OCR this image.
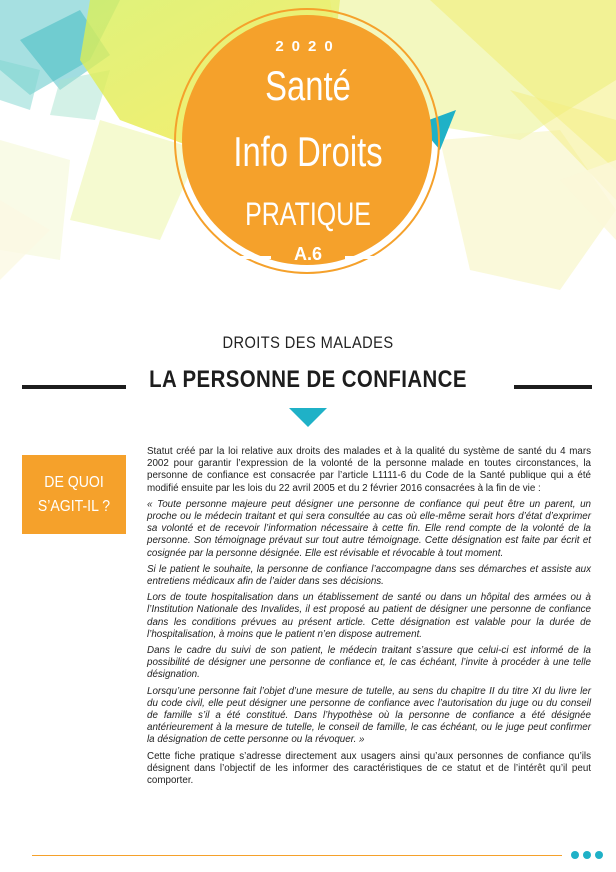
2020
Santé
Info Droits
PRATIQUE
A.6
DROITS DES MALADES
LA PERSONNE DE CONFIANCE
DE QUOI
S’AGIT-IL ?

Statut créé par la loi relative aux droits des malades et à la qualité du système de santé du 4 mars 2002 pour garantir l’expression de la volonté de la personne malade en toutes circonstances, la personne de confiance est consacrée par l’article L1111-6 du Code de la Santé publique qui a été modifié ensuite par les lois du 22 avril 2005 et du 2 février 2016 consacrées à la fin de vie :

« Toute personne majeure peut désigner une personne de confiance qui peut être un parent, un proche ou le médecin traitant et qui sera consultée au cas où elle-même serait hors d’état d’exprimer sa volonté et de recevoir l’information nécessaire à cette fin. Elle rend compte de la volonté de la personne. Son témoignage prévaut sur tout autre témoignage. Cette désignation est faite par écrit et cosignée par la personne désignée. Elle est révisable et révocable à tout moment.

Si le patient le souhaite, la personne de confiance l’accompagne dans ses démarches et assiste aux entretiens médicaux afin de l’aider dans ses décisions.

Lors de toute hospitalisation dans un établissement de santé ou dans un hôpital des armées ou à l’Institution Nationale des Invalides, il est proposé au patient de désigner une personne de confiance dans les conditions prévues au présent article. Cette désignation est valable pour la durée de l’hospitalisation, à moins que le patient n’en dispose autrement.

Dans le cadre du suivi de son patient, le médecin traitant s’assure que celui-ci est informé de la possibilité de désigner une personne de confiance et, le cas échéant, l’invite à procéder à une telle désignation.

Lorsqu’une personne fait l’objet d’une mesure de tutelle, au sens du chapitre II du titre XI du livre ler du code civil, elle peut désigner une personne de confiance avec l’autorisation du juge ou du conseil de famille s’il a été constitué. Dans l’hypothèse où la personne de confiance a été désignée antérieurement à la mesure de tutelle, le conseil de famille, le cas échéant, ou le juge peut confirmer la désignation de cette personne ou la révoquer. »

Cette fiche pratique s’adresse directement aux usagers ainsi qu’aux personnes de confiance qu’ils désignent dans l’objectif de les informer des caractéristiques de ce statut et de l’intérêt qu’il peut comporter.
